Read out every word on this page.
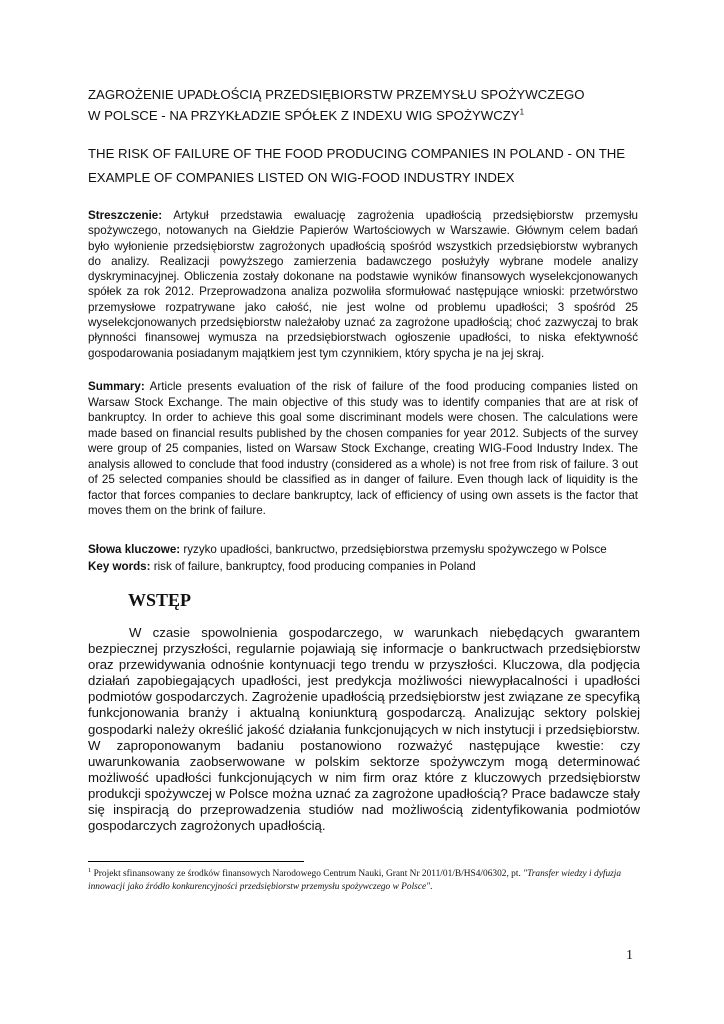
ZAGROŻENIE UPADŁOŚCIĄ PRZEDSIĘBIORSTW PRZEMYSŁU SPOŻYWCZEGO
W POLSCE - NA PRZYKŁADZIE SPÓŁEK Z INDEXU WIG SPOŻYWCZY$^1$
THE RISK OF FAILURE OF THE FOOD PRODUCING COMPANIES IN POLAND - ON THE
EXAMPLE OF COMPANIES LISTED ON WIG-FOOD INDUSTRY INDEX
Streszczenie: Artykuł przedstawia ewaluację zagrożenia upadłością przedsiębiorstw przemysłu spożywczego, notowanych na Giełdzie Papierów Wartościowych w Warszawie. Głównym celem badań było wyłonienie przedsiębiorstw zagrożonych upadłością spośród wszystkich przedsiębiorstw wybranych do analizy. Realizacji powyższego zamierzenia badawczego posłużyły wybrane modele analizy dyskryminacyjnej. Obliczenia zostały dokonane na podstawie wyników finansowych wyselekcjonowanych spółek za rok 2012. Przeprowadzona analiza pozwoliła sformułować następujące wnioski: przetwórstwo przemysłowe rozpatrywane jako całość, nie jest wolne od problemu upadłości; 3 spośród 25 wyselekcjonowanych przedsiębiorstw należałoby uznać za zagrożone upadłością; choć zazwyczaj to brak płynności finansowej wymusza na przedsiębiorstwach ogłoszenie upadłości, to niska efektywność gospodarowania posiadanym majątkiem jest tym czynnikiem, który spycha je na jej skraj.
Summary: Article presents evaluation of the risk of failure of the food producing companies listed on Warsaw Stock Exchange. The main objective of this study was to identify companies that are at risk of bankruptcy. In order to achieve this goal some discriminant models were chosen. The calculations were made based on financial results published by the chosen companies for year 2012. Subjects of the survey were group of 25 companies, listed on Warsaw Stock Exchange, creating WIG-Food Industry Index. The analysis allowed to conclude that food industry (considered as a whole) is not free from risk of failure. 3 out of 25 selected companies should be classified as in danger of failure. Even though lack of liquidity is the factor that forces companies to declare bankruptcy, lack of efficiency of using own assets is the factor that moves them on the brink of failure.
Słowa kluczowe: ryzyko upadłości, bankructwo, przedsiębiorstwa przemysłu spożywczego w Polsce
Key words: risk of failure, bankruptcy, food producing companies in Poland
WSTĘP
W czasie spowolnienia gospodarczego, w warunkach niebędących gwarantem bezpiecznej przyszłości, regularnie pojawiają się informacje o bankructwach przedsiębiorstw oraz przewidywania odnośnie kontynuacji tego trendu w przyszłości. Kluczowa, dla podjęcia działań zapobiegających upadłości, jest predykcja możliwości niewypłacalności i upadłości podmiotów gospodarczych. Zagrożenie upadłością przedsiębiorstw jest związane ze specyfiką funkcjonowania branży i aktualną koniunkturą gospodarczą. Analizując sektory polskiej gospodarki należy określić jakość działania funkcjonujących w nich instytucji i przedsiębiorstw. W zaproponowanym badaniu postanowiono rozważyć następujące kwestie: czy uwarunkowania zaobserwowane w polskim sektorze spożywczym mogą determinować możliwość upadłości funkcjonujących w nim firm oraz które z kluczowych przedsiębiorstw produkcji spożywczej w Polsce można uznać za zagrożone upadłością? Prace badawcze stały się inspiracją do przeprowadzenia studiów nad możliwością zidentyfikowania podmiotów gospodarczych zagrożonych upadłością.
$^1$ Projekt sfinansowany ze środków finansowych Narodowego Centrum Nauki, Grant Nr 2011/01/B/HS4/06302, pt. "Transfer wiedzy i dyfuzja innowacji jako źródło konkurencyjności przedsiębiorstw przemysłu spożywczego w Polsce".
1
